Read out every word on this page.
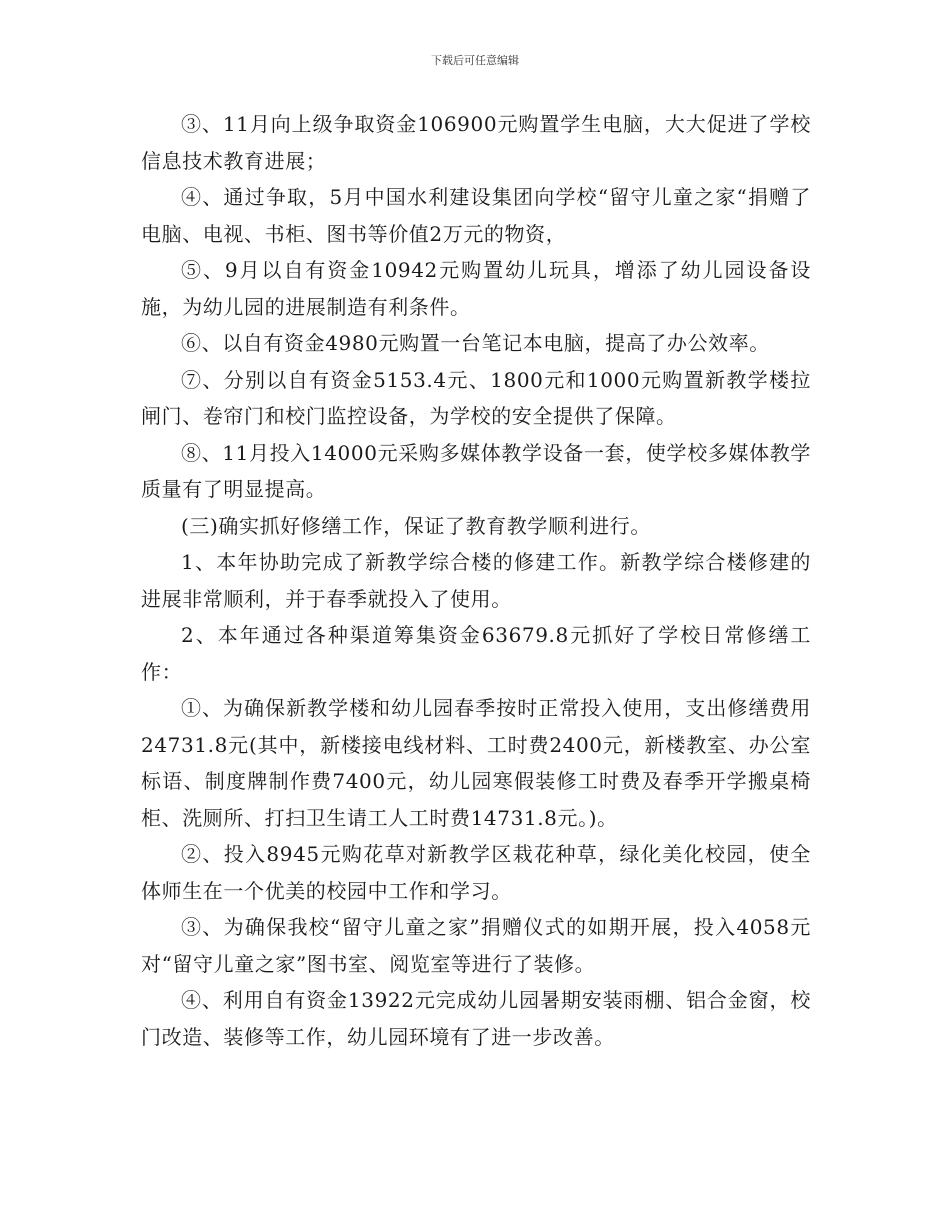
下载后可任意编辑

③、11月向上级争取资金106900元购置学生电脑，大大促进了学校信息技术教育进展；

④、通过争取，5月中国水利建设集团向学校“留守儿童之家“捐赠了电脑、电视、书柜、图书等价值2万元的物资，

⑤、9月以自有资金10942元购置幼儿玩具，增添了幼儿园设备设施，为幼儿园的进展制造有利条件。

⑥、以自有资金4980元购置一台笔记本电脑，提高了办公效率。

⑦、分别以自有资金5153.4元、1800元和1000元购置新教学楼拉闸门、卷帘门和校门监控设备，为学校的安全提供了保障。

⑧、11月投入14000元采购多媒体教学设备一套，使学校多媒体教学质量有了明显提高。

(三)确实抓好修缮工作，保证了教育教学顺利进行。

1、本年协助完成了新教学综合楼的修建工作。新教学综合楼修建的进展非常顺利，并于春季就投入了使用。

2、本年通过各种渠道筹集资金63679.8元抓好了学校日常修缮工作：

①、为确保新教学楼和幼儿园春季按时正常投入使用，支出修缮费用24731.8元(其中，新楼接电线材料、工时费2400元，新楼教室、办公室标语、制度牌制作费7400元，幼儿园寒假装修工时费及春季开学搬桌椅柜、洗厕所、打扫卫生请工人工时费14731.8元。)。

②、投入8945元购花草对新教学区栽花种草，绿化美化校园，使全体师生在一个优美的校园中工作和学习。

③、为确保我校“留守儿童之家”捐赠仪式的如期开展，投入4058元对“留守儿童之家”图书室、阅览室等进行了装修。

④、利用自有资金13922元完成幼儿园暑期安装雨棚、铝合金窗，校门改造、装修等工作，幼儿园环境有了进一步改善。
